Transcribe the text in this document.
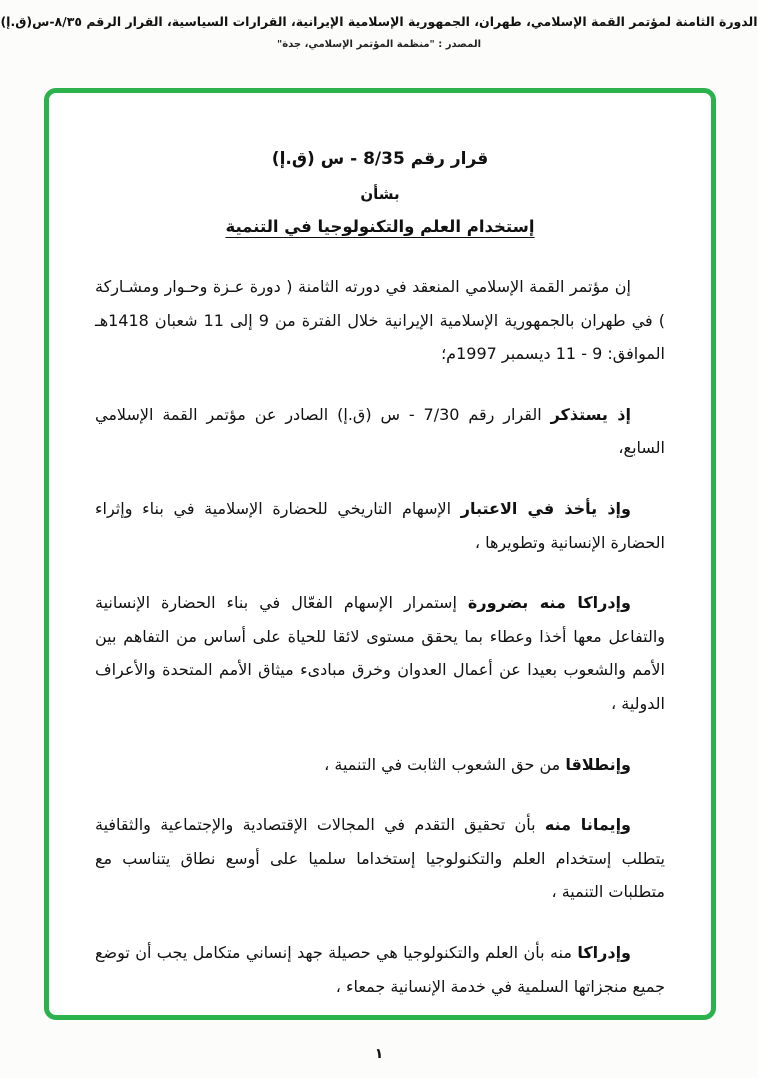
الدورة الثامنة لمؤتمر القمة الإسلامي، طهران، الجمهورية الإسلامية الإيرانية، القرارات السياسية، القرار الرقم ٨/٣٥-س(ق.إ)
المصدر : "منظمة المؤتمر الإسلامي، جدة"
قرار رقم 8/35 - س (ق.إ)
بشأن
إستخدام العلم والتكنولوجيا في التنمية

إن مؤتمر القمة الإسلامي المنعقد في دورته الثامنة ( دورة عـزة وحـوار ومشـاركة ) في طهران بالجمهورية الإسلامية الإيرانية خلال الفترة من 9 إلى 11 شعبان 1418هـ الموافق: 9 - 11 ديسمبر 1997م؛

إذ يستذكر القرار رقم 7/30 - س (ق.إ) الصادر عن مؤتمر القمة الإسلامي السابع،

وإذ يأخذ في الاعتبار الإسهام التاريخي للحضارة الإسلامية في بناء وإثراء الحضارة الإنسانية وتطويرها ،

وإدراكا منه بضرورة إستمرار الإسهام الفعّال في بناء الحضارة الإنسانية والتفاعل معها أخذا وعطاء بما يحقق مستوى لائقا للحياة على أساس من التفاهم بين الأمم والشعوب بعيدا عن أعمال العدوان وخرق مبادىء ميثاق الأمم المتحدة والأعراف الدولية ،

وإنطلاقا من حق الشعوب الثابت في التنمية ،

وإيمانا منه بأن تحقيق التقدم في المجالات الإقتصادية والإجتماعية والثقافية يتطلب إستخدام العلم والتكنولوجيا إستخداما سلميا على أوسع نطاق يتناسب مع متطلبات التنمية ،

وإدراكا منه بأن العلم والتكنولوجيا هي حصيلة جهد إنساني متكامل يجب أن توضع جميع منجزاتها السلمية في خدمة الإنسانية جمعاء ،

١
